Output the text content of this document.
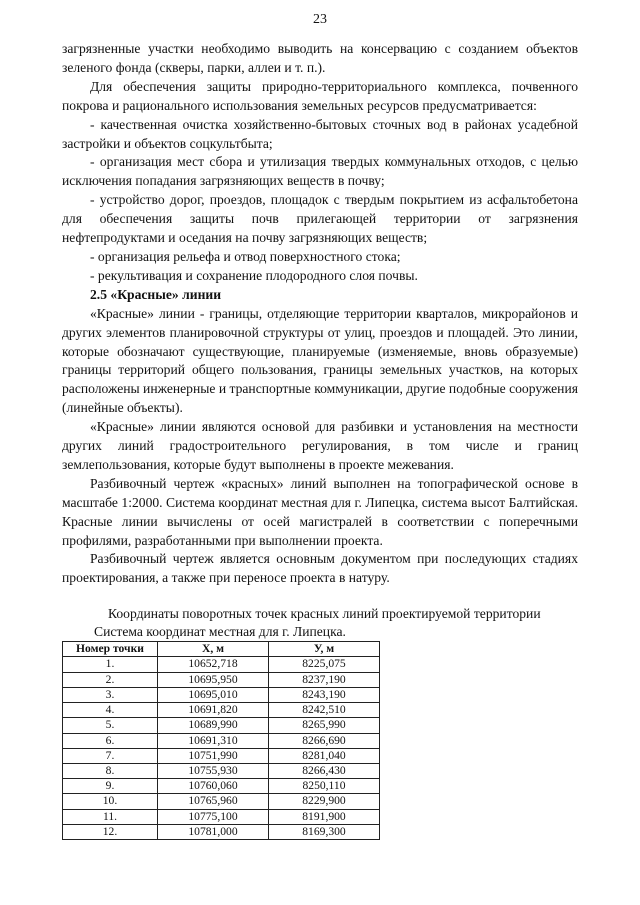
23

загрязненные участки необходимо выводить на консервацию с созданием объектов зеленого фонда (скверы, парки, аллеи и т. п.).

Для обеспечения защиты природно-территориального комплекса, почвенного покрова и рационального использования земельных ресурсов предусматривается:

- качественная очистка хозяйственно-бытовых сточных вод в районах усадебной застройки и объектов соцкультбыта;

- организация мест сбора и утилизация твердых коммунальных отходов, с целью исключения попадания загрязняющих веществ в почву;

- устройство дорог, проездов, площадок с твердым покрытием из асфальтобетона для обеспечения защиты почв прилегающей территории от загрязнения нефтепродуктами и оседания на почву загрязняющих веществ;

- организация рельефа и отвод поверхностного стока;

- рекультивация и сохранение плодородного слоя почвы.

2.5 «Красные» линии

«Красные» линии - границы, отделяющие территории кварталов, микрорайонов и других элементов планировочной структуры от улиц, проездов и площадей. Это линии, которые обозначают существующие, планируемые (изменяемые, вновь образуемые) границы территорий общего пользования, границы земельных участков, на которых расположены инженерные и транспортные коммуникации, другие подобные сооружения (линейные объекты).

«Красные» линии являются основой для разбивки и установления на местности других линий градостроительного регулирования, в том числе и границ землепользования, которые будут выполнены в проекте межевания.

Разбивочный чертеж «красных» линий выполнен на топографической основе в масштабе 1:2000. Система координат местная для г. Липецка, система высот Балтийская. Красные линии вычислены от осей магистралей в соответствии с поперечными профилями, разработанными при выполнении проекта.

Разбивочный чертеж является основным документом при последующих стадиях проектирования, а также при переносе проекта в натуру.

Координаты поворотных точек красных линий проектируемой территории
Система координат местная для г. Липецка.
Номер точки	X, м	У, м
1.	10652,718	8225,075
2.	10695,950	8237,190
3.	10695,010	8243,190
4.	10691,820	8242,510
5.	10689,990	8265,990
6.	10691,310	8266,690
7.	10751,990	8281,040
8.	10755,930	8266,430
9.	10760,060	8250,110
10.	10765,960	8229,900
11.	10775,100	8191,900
12.	10781,000	8169,300
